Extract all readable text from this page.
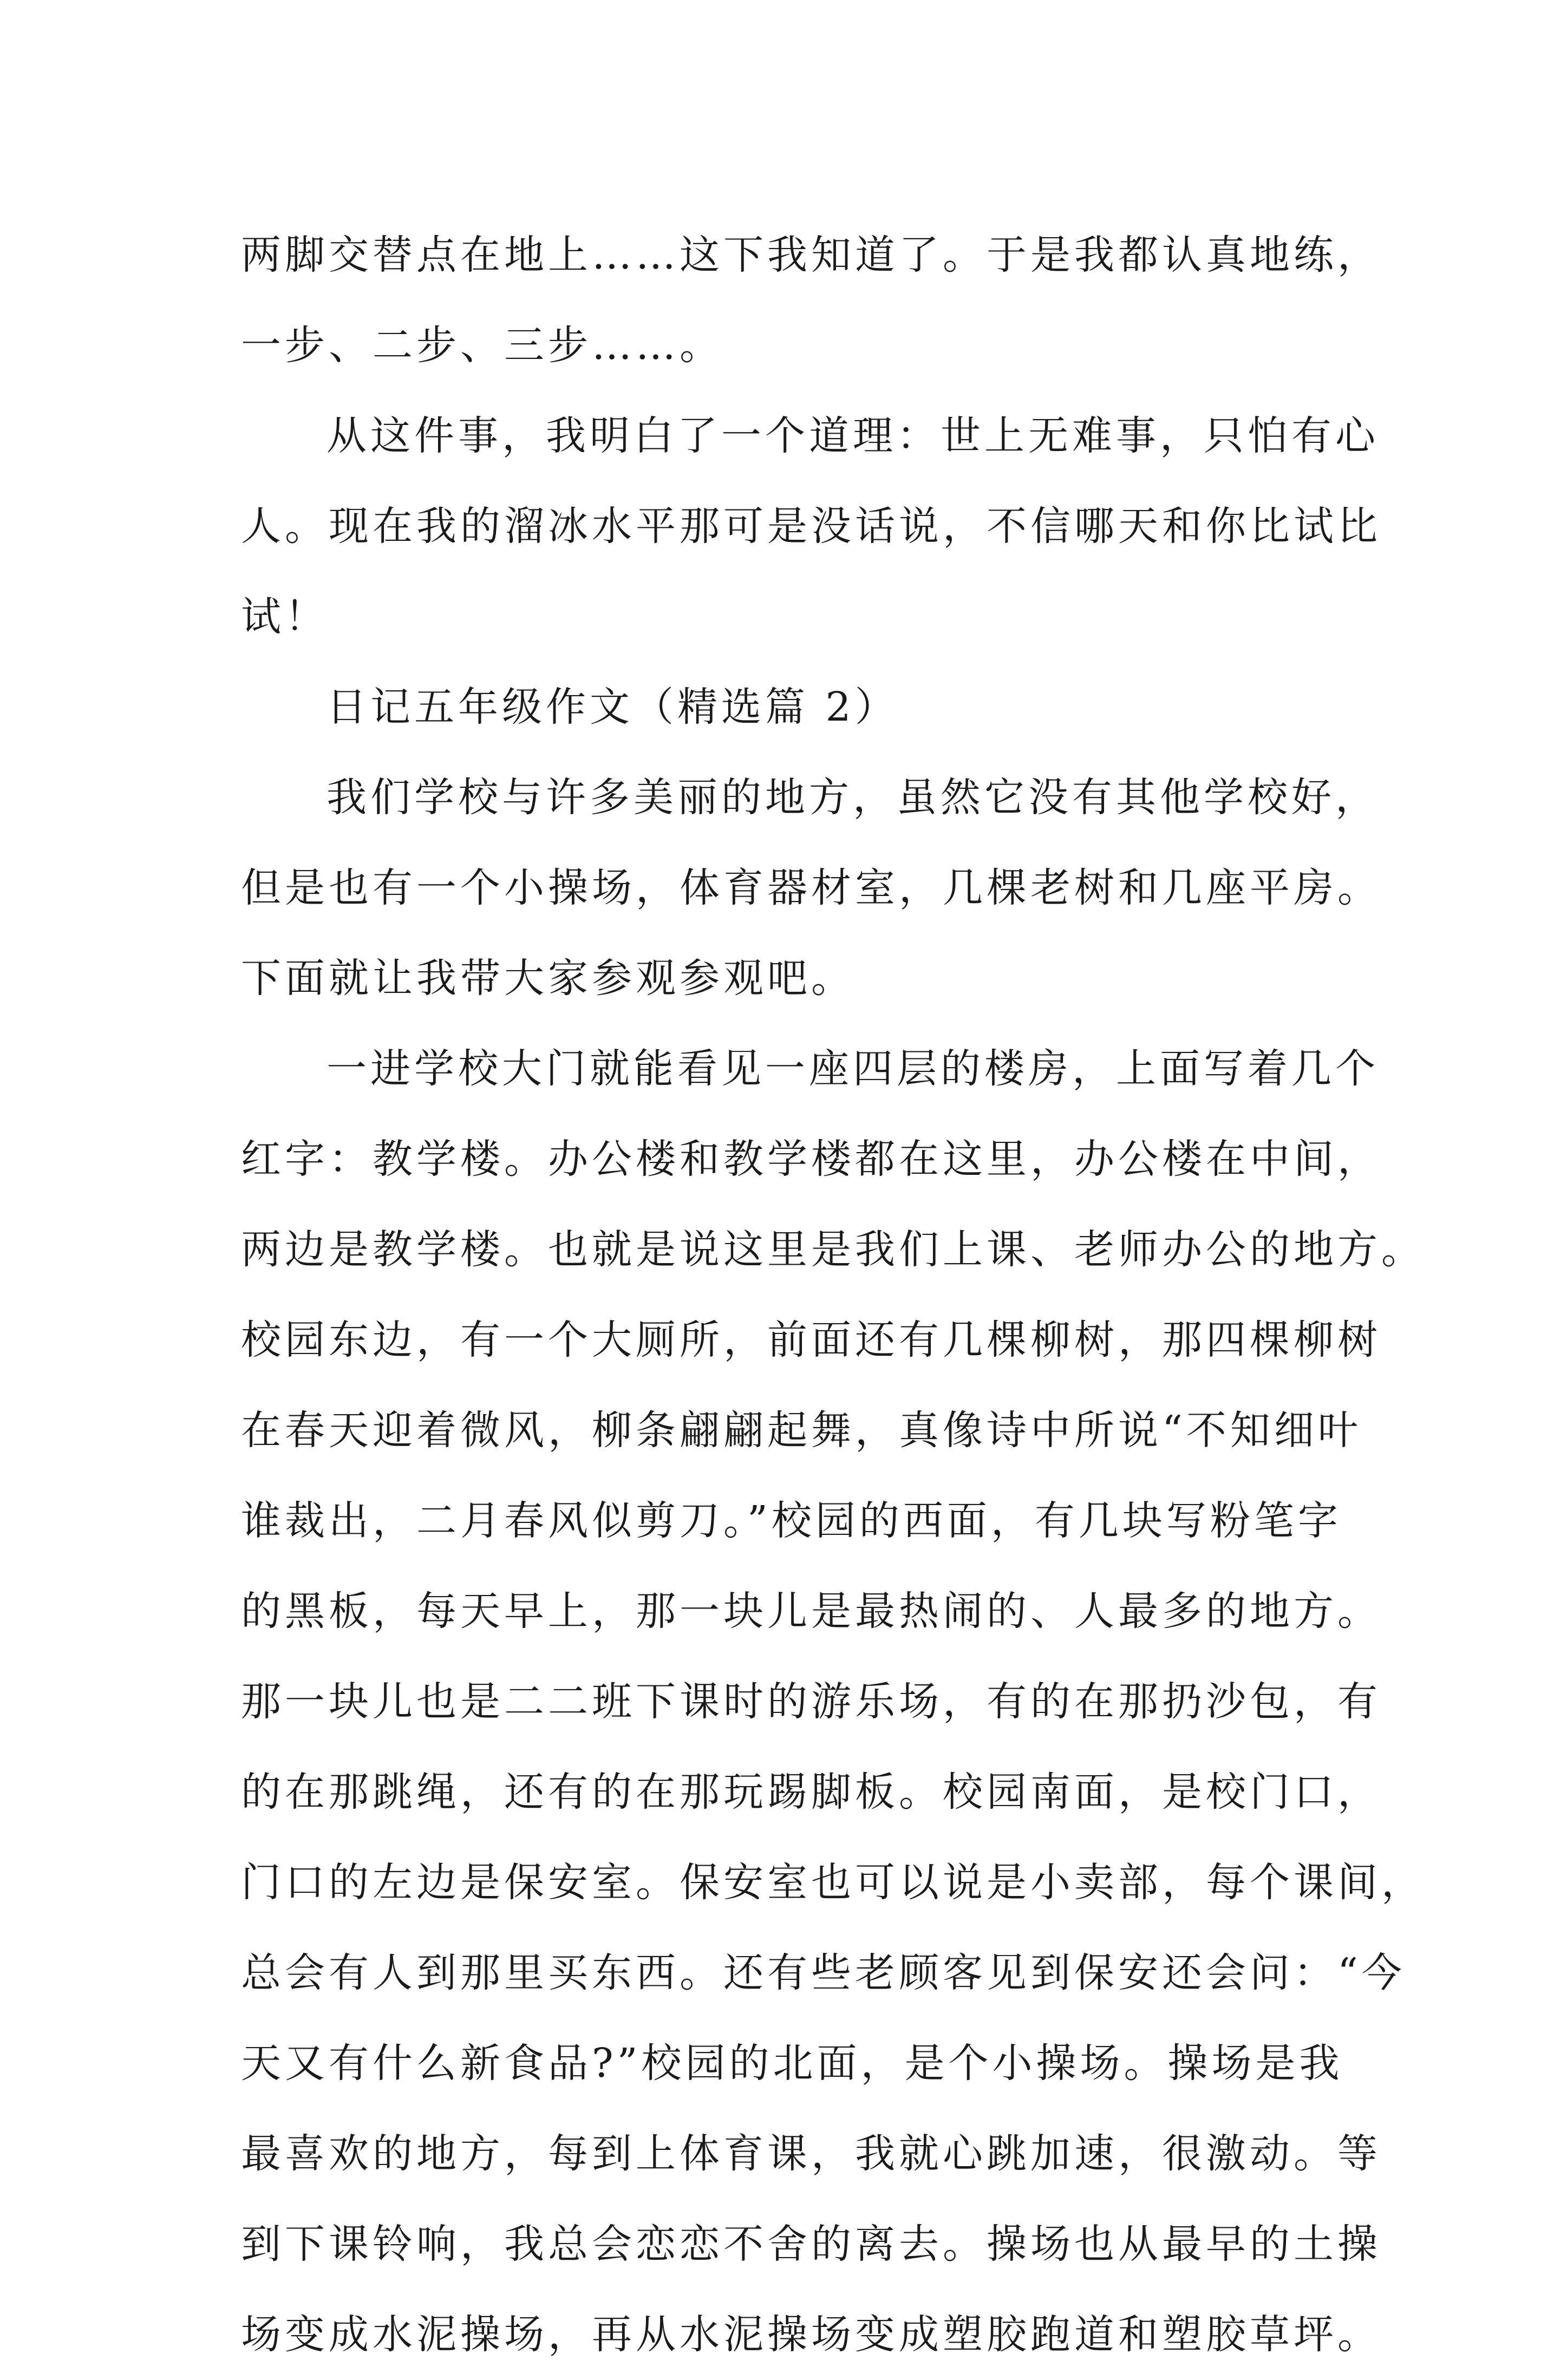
两脚交替点在地上……这下我知道了。于是我都认真地练，
一步、二步、三步……。
从这件事，我明白了一个道理：世上无难事，只怕有心
人。现在我的溜冰水平那可是没话说，不信哪天和你比试比
试！
日记五年级作文（精选篇 2）
我们学校与许多美丽的地方，虽然它没有其他学校好，
但是也有一个小操场，体育器材室，几棵老树和几座平房。
下面就让我带大家参观参观吧。
一进学校大门就能看见一座四层的楼房，上面写着几个
红字：教学楼。办公楼和教学楼都在这里，办公楼在中间，
两边是教学楼。也就是说这里是我们上课、老师办公的地方。
校园东边，有一个大厕所，前面还有几棵柳树，那四棵柳树
在春天迎着微风，柳条翩翩起舞，真像诗中所说“不知细叶
谁裁出，二月春风似剪刀。”校园的西面，有几块写粉笔字
的黑板，每天早上，那一块儿是最热闹的、人最多的地方。
那一块儿也是二二班下课时的游乐场，有的在那扔沙包，有
的在那跳绳，还有的在那玩踢脚板。校园南面，是校门口，
门口的左边是保安室。保安室也可以说是小卖部，每个课间，
总会有人到那里买东西。还有些老顾客见到保安还会问：“今
天又有什么新食品?”校园的北面，是个小操场。操场是我
最喜欢的地方，每到上体育课，我就心跳加速，很激动。等
到下课铃响，我总会恋恋不舍的离去。操场也从最早的土操
场变成水泥操场，再从水泥操场变成塑胶跑道和塑胶草坪。
